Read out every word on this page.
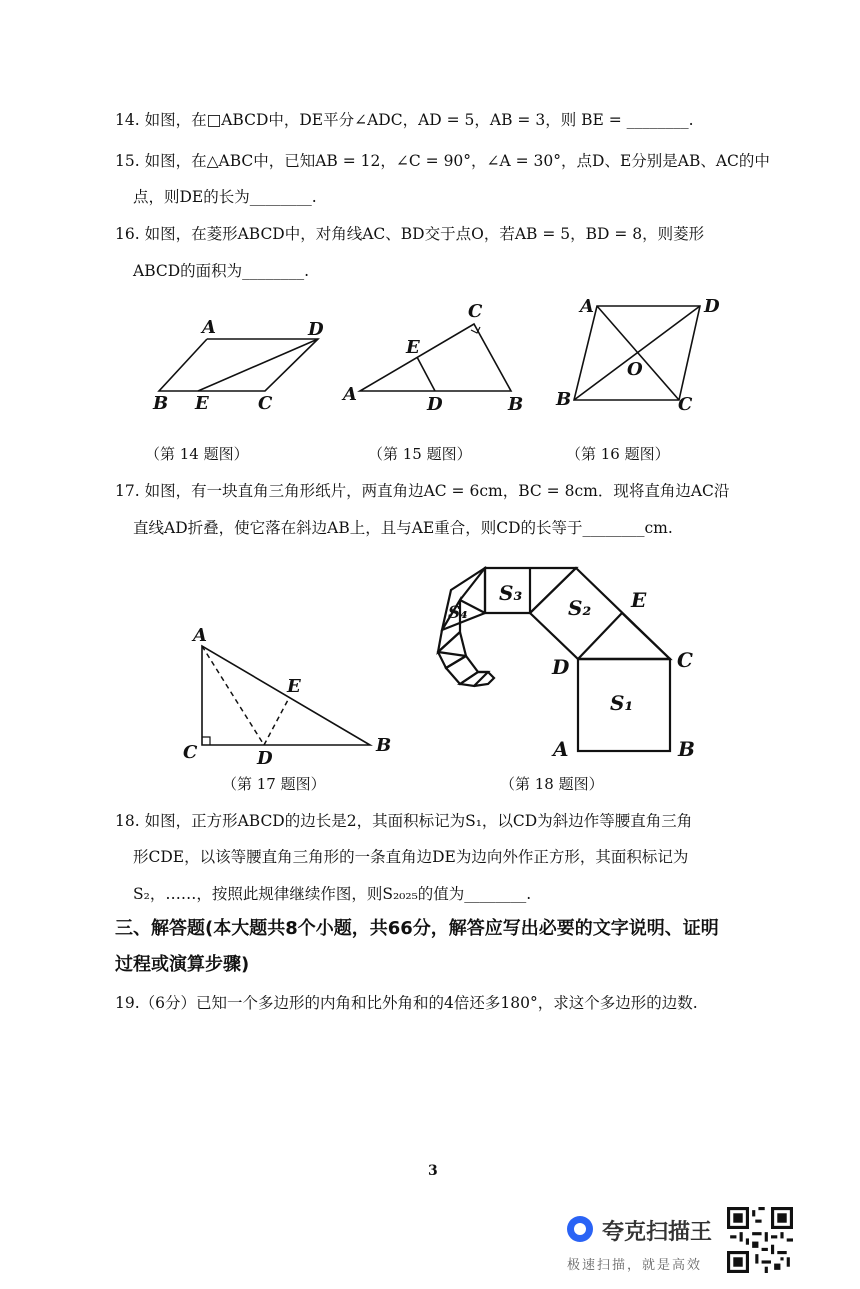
14. 如图，在□ABCD中，DE平分∠ADC，AD = 5，AB = 3，则 BE = ________.
15. 如图，在△ABC中，已知AB = 12，∠C = 90°，∠A = 30°，点D、E分别是AB、AC的中
点，则DE的长为________.
16. 如图，在菱形ABCD中，对角线AC、BD交于点O，若AB = 5，BD = 8，则菱形
ABCD的面积为________.
A	D
B E	C
（第 14 题图）
C
E
A	D	B
（第 15 题图）
A	D
O
B	C
（第 16 题图）
17. 如图，有一块直角三角形纸片，两直角边AC = 6cm，BC = 8cm．现将直角边AC沿
直线AD折叠，使它落在斜边AB上，且与AE重合，则CD的长等于________cm.
A
E
C	D
B
（第 17 题图）
S₁
S₂
S₃
S₄
E
D	C
A	B
（第 18 题图）
18. 如图，正方形ABCD的边长是2，其面积标记为S₁，以CD为斜边作等腰直角三角
形CDE，以该等腰直角三角形的一条直角边DE为边向外作正方形，其面积标记为
S₂，……，按照此规律继续作图，则S₂₀₂₅的值为________.
三、解答题(本大题共8个小题，共66分，解答应写出必要的文字说明、证明
过程或演算步骤)
19.（6分）已知一个多边形的内角和比外角和的4倍还多180°，求这个多边形的边数.
3
夸克扫描王
极速扫描，就是高效
